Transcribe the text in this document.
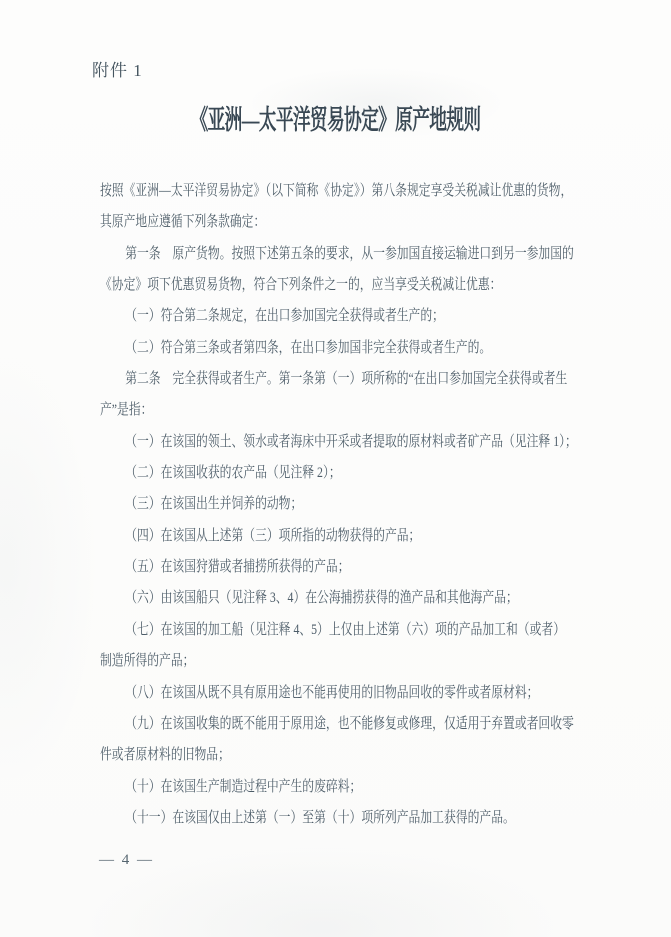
附件 1
《亚洲—太平洋贸易协定》原产地规则
按照《亚洲—太平洋贸易协定》（以下简称《协定》）第八条规定享受关税减让优惠的货物，
其原产地应遵循下列条款确定：
第一条　原产货物。按照下述第五条的要求，从一参加国直接运输进口到另一参加国的
《协定》项下优惠贸易货物，符合下列条件之一的，应当享受关税减让优惠：
（一）符合第二条规定，在出口参加国完全获得或者生产的；
（二）符合第三条或者第四条，在出口参加国非完全获得或者生产的。
第二条　完全获得或者生产。第一条第（一）项所称的“在出口参加国完全获得或者生
产”是指：
（一）在该国的领土、领水或者海床中开采或者提取的原材料或者矿产品（见注释 1）；
（二）在该国收获的农产品（见注释 2）；
（三）在该国出生并饲养的动物；
（四）在该国从上述第（三）项所指的动物获得的产品；
（五）在该国狩猎或者捕捞所获得的产品；
（六）由该国船只（见注释 3、4）在公海捕捞获得的渔产品和其他海产品；
（七）在该国的加工船（见注释 4、5）上仅由上述第（六）项的产品加工和（或者）
制造所得的产品；
（八）在该国从既不具有原用途也不能再使用的旧物品回收的零件或者原材料；
（九）在该国收集的既不能用于原用途，也不能修复或修理，仅适用于弃置或者回收零
件或者原材料的旧物品；
（十）在该国生产制造过程中产生的废碎料；
（十一）在该国仅由上述第（一）至第（十）项所列产品加工获得的产品。
— 4 —
